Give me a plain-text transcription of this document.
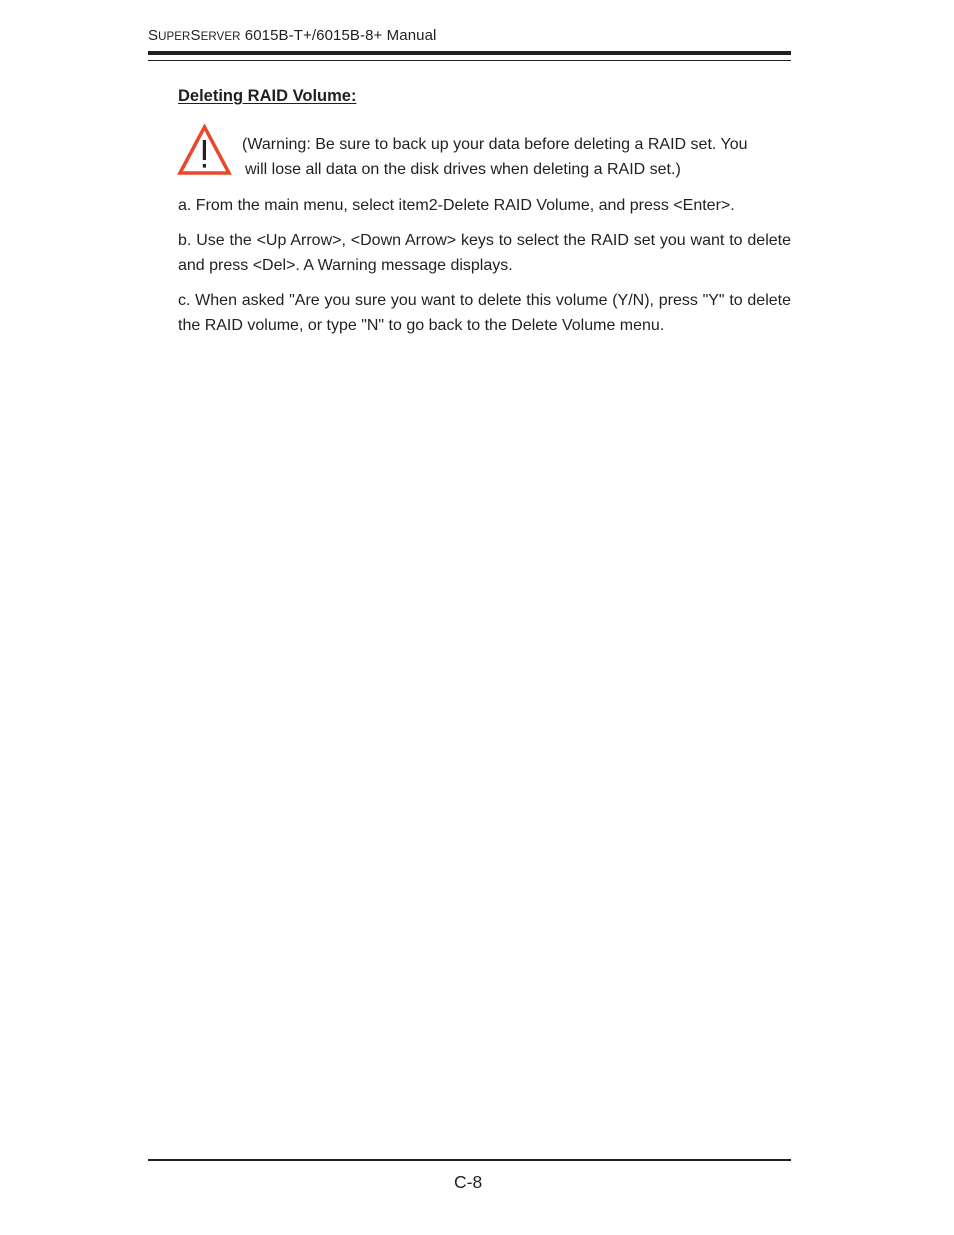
SUPERSERVER 6015B-T+/6015B-8+ Manual
Deleting RAID Volume:
(Warning: Be sure to back up your data before deleting a RAID set. You
will lose all data on the disk drives when deleting a RAID set.)
a. From the main menu, select item2-Delete RAID Volume, and press <Enter>.
b. Use the <Up Arrow>, <Down Arrow> keys to select the RAID set you want to delete and press <Del>. A Warning message displays.
c. When asked "Are you sure you want to delete this volume (Y/N), press "Y" to delete the RAID volume, or type "N" to go back to the Delete Volume menu.
C-8
